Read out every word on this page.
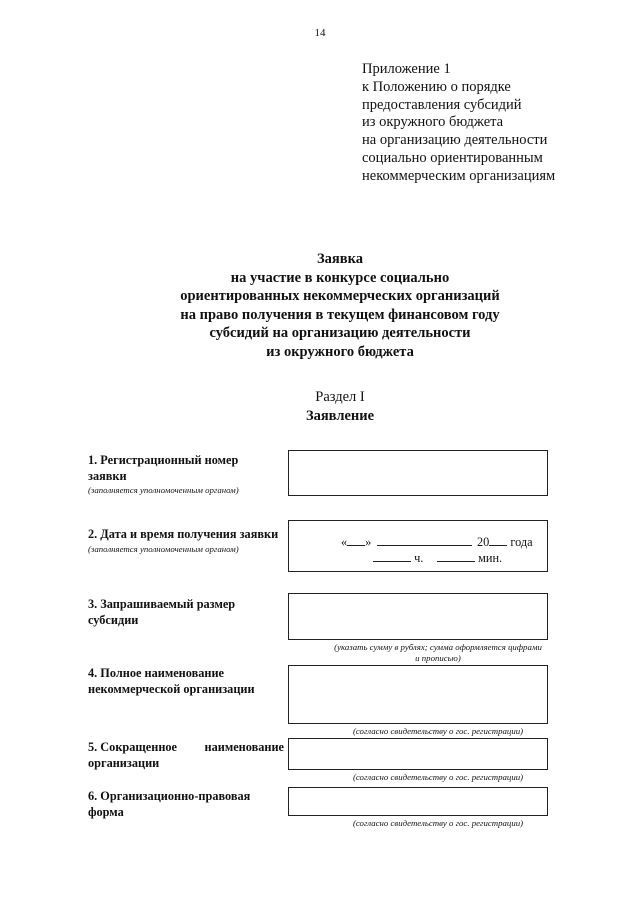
14
Приложение 1
к Положению о порядке
предоставления субсидий
из окружного бюджета
на организацию деятельности
социально ориентированным
некоммерческим организациям
Заявка
на участие в конкурсе социально
ориентированных некоммерческих организаций
на право получения в текущем финансовом году
субсидий на организацию деятельности
из окружного бюджета
Раздел I
Заявление
1. Регистрационный номер
заявки
(заполняется уполномоченным органом)
2. Дата и время получения заявки
(заполняется уполномоченным органом)	« »	20 года
ч.	мин.
3. Запрашиваемый размер
субсидии
(указать сумму в рублях; сумма оформляется цифрами
и прописью)
4. Полное наименование
некоммерческой организации
(согласно свидетельству о гос. регистрации)
5. Сокращенное наименование
организации
(согласно свидетельству о гос. регистрации)
6. Организационно-правовая
форма
(согласно свидетельству о гос. регистрации)
